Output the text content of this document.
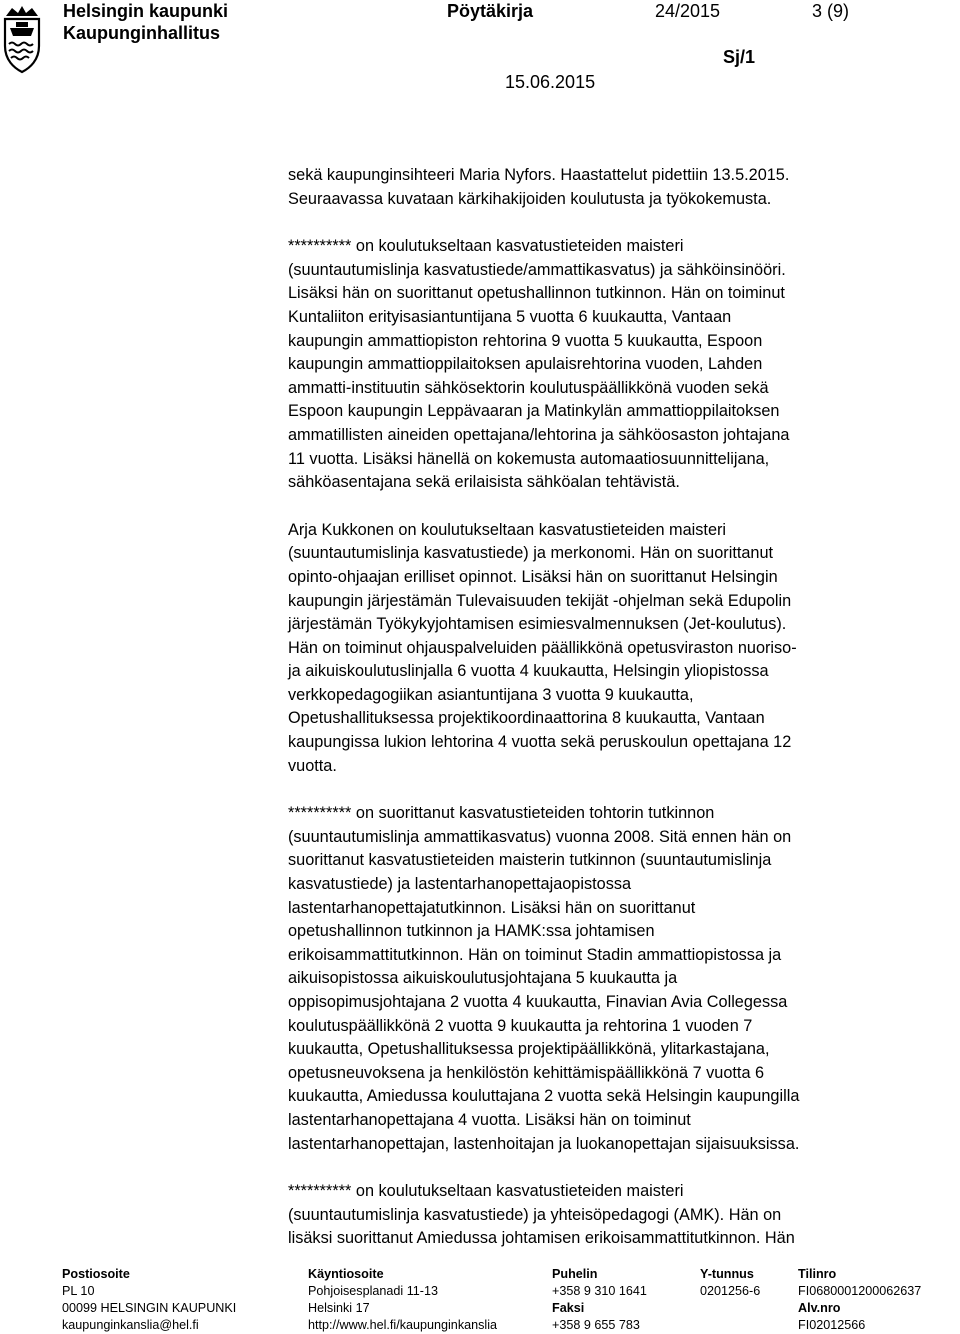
Helsingin kaupunki
Kaupunginhallitus
Pöytäkirja	24/2015	3 (9)
Sj/1
15.06.2015

sekä kaupunginsihteeri Maria Nyfors. Haastattelut pidettiin 13.5.2015.
Seuraavassa kuvataan kärkihakijoiden koulutusta ja työkokemusta.

********** on koulutukseltaan kasvatustieteiden maisteri
(suuntautumislinja kasvatustiede/ammattikasvatus) ja sähköinsinööri.
Lisäksi hän on suorittanut opetushallinnon tutkinnon. Hän on toiminut
Kuntaliiton erityisasiantuntijana 5 vuotta 6 kuukautta, Vantaan
kaupungin ammattiopiston rehtorina 9 vuotta 5 kuukautta, Espoon
kaupungin ammattioppilaitoksen apulaisrehtorina vuoden, Lahden
ammatti-instituutin sähkösektorin koulutuspäällikkönä vuoden sekä
Espoon kaupungin Leppävaaran ja Matinkylän ammattioppilaitoksen
ammatillisten aineiden opettajana/lehtorina ja sähköosaston johtajana
11 vuotta. Lisäksi hänellä on kokemusta automaatiosuunnittelijana,
sähköasentajana sekä erilaisista sähköalan tehtävistä.

Arja Kukkonen on koulutukseltaan kasvatustieteiden maisteri
(suuntautumislinja kasvatustiede) ja merkonomi. Hän on suorittanut
opinto-ohjaajan erilliset opinnot. Lisäksi hän on suorittanut Helsingin
kaupungin järjestämän Tulevaisuuden tekijät -ohjelman sekä Edupolin
järjestämän Työkykyjohtamisen esimiesvalmennuksen (Jet-koulutus).
Hän on toiminut ohjauspalveluiden päällikkönä opetusviraston nuoriso-
ja aikuiskoulutuslinjalla 6 vuotta 4 kuukautta, Helsingin yliopistossa
verkkopedagogiikan asiantuntijana 3 vuotta 9 kuukautta,
Opetushallituksessa projektikoordinaattorina 8 kuukautta, Vantaan
kaupungissa lukion lehtorina 4 vuotta sekä peruskoulun opettajana 12
vuotta.

********** on suorittanut kasvatustieteiden tohtorin tutkinnon
(suuntautumislinja ammattikasvatus) vuonna 2008. Sitä ennen hän on
suorittanut kasvatustieteiden maisterin tutkinnon (suuntautumislinja
kasvatustiede) ja lastentarhanopettajaopistossa
lastentarhanopettajatutkinnon. Lisäksi hän on suorittanut
opetushallinnon tutkinnon ja HAMK:ssa johtamisen
erikoisammattitutkinnon. Hän on toiminut Stadin ammattiopistossa ja
aikuisopistossa aikuiskoulutusjohtajana 5 kuukautta ja
oppisopimusjohtajana 2 vuotta 4 kuukautta, Finavian Avia Collegessa
koulutuspäällikkönä 2 vuotta 9 kuukautta ja rehtorina 1 vuoden 7
kuukautta, Opetushallituksessa projektipäällikkönä, ylitarkastajana,
opetusneuvoksena ja henkilöstön kehittämispäällikkönä 7 vuotta 6
kuukautta, Amiedussa kouluttajana 2 vuotta sekä Helsingin kaupungilla
lastentarhanopettajana 4 vuotta. Lisäksi hän on toiminut
lastentarhanopettajan, lastenhoitajan ja luokanopettajan sijaisuuksissa.

********** on koulutukseltaan kasvatustieteiden maisteri
(suuntautumislinja kasvatustiede) ja yhteisöpedagogi (AMK). Hän on
lisäksi suorittanut Amiedussa johtamisen erikoisammattitutkinnon. Hän

Postiosoite
PL 10
00099 HELSINGIN KAUPUNKI
kaupunginkanslia@hel.fi
Käyntiosoite
Pohjoisesplanadi 11-13
Helsinki 17
http://www.hel.fi/kaupunginkanslia
Puhelin
+358 9 310 1641
Faksi
+358 9 655 783
Y-tunnus
0201256-6
Tilinro
FI0680001200062637
Alv.nro
FI02012566
